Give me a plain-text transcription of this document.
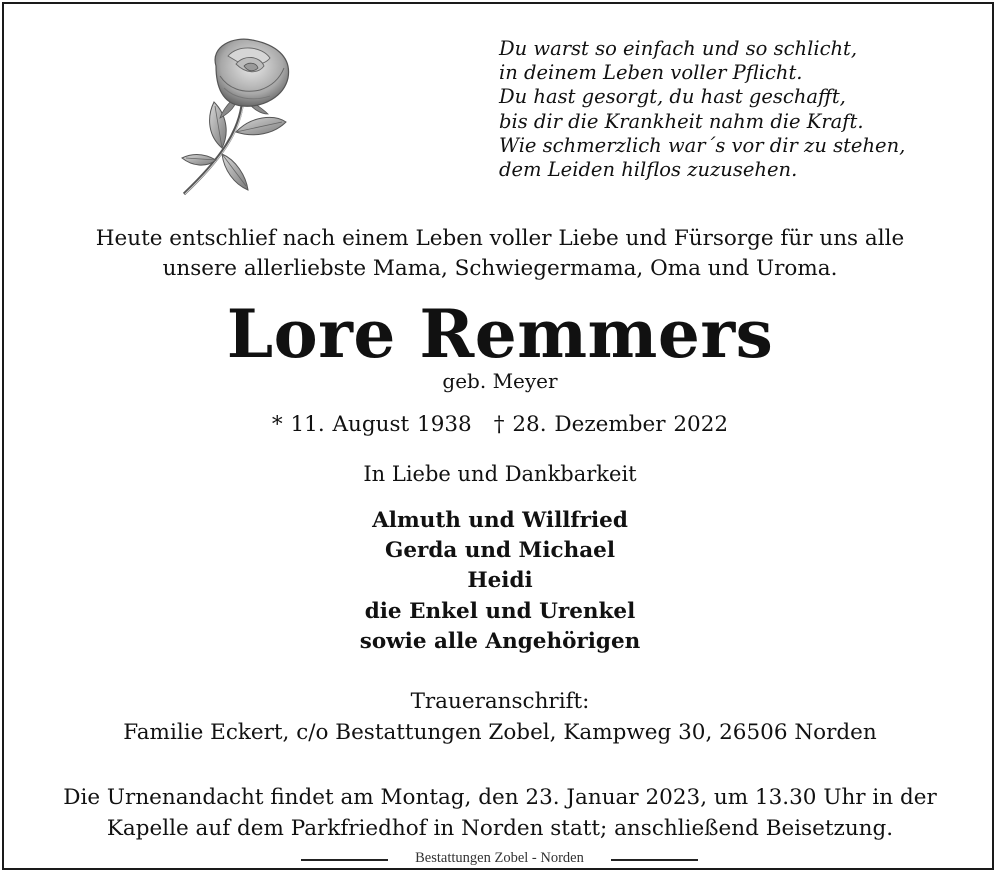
Du warst so einfach und so schlicht,
in deinem Leben voller Pflicht.
Du hast gesorgt, du hast geschafft,
bis dir die Krankheit nahm die Kraft.
Wie schmerzlich war´s vor dir zu stehen,
dem Leiden hilflos zuzusehen.
Heute entschlief nach einem Leben voller Liebe und Fürsorge für uns alle
unsere allerliebste Mama, Schwiegermama, Oma und Uroma.
Lore Remmers
geb. Meyer
* 11. August 1938 † 28. Dezember 2022
In Liebe und Dankbarkeit
Almuth und Willfried
Gerda und Michael
Heidi
die Enkel und Urenkel
sowie alle Angehörigen
Traueranschrift:
Familie Eckert, c/o Bestattungen Zobel, Kampweg 30, 26506 Norden
Die Urnenandacht findet am Montag, den 23. Januar 2023, um 13.30 Uhr in der
Kapelle auf dem Parkfriedhof in Norden statt; anschließend Beisetzung.
Bestattungen Zobel - Norden
